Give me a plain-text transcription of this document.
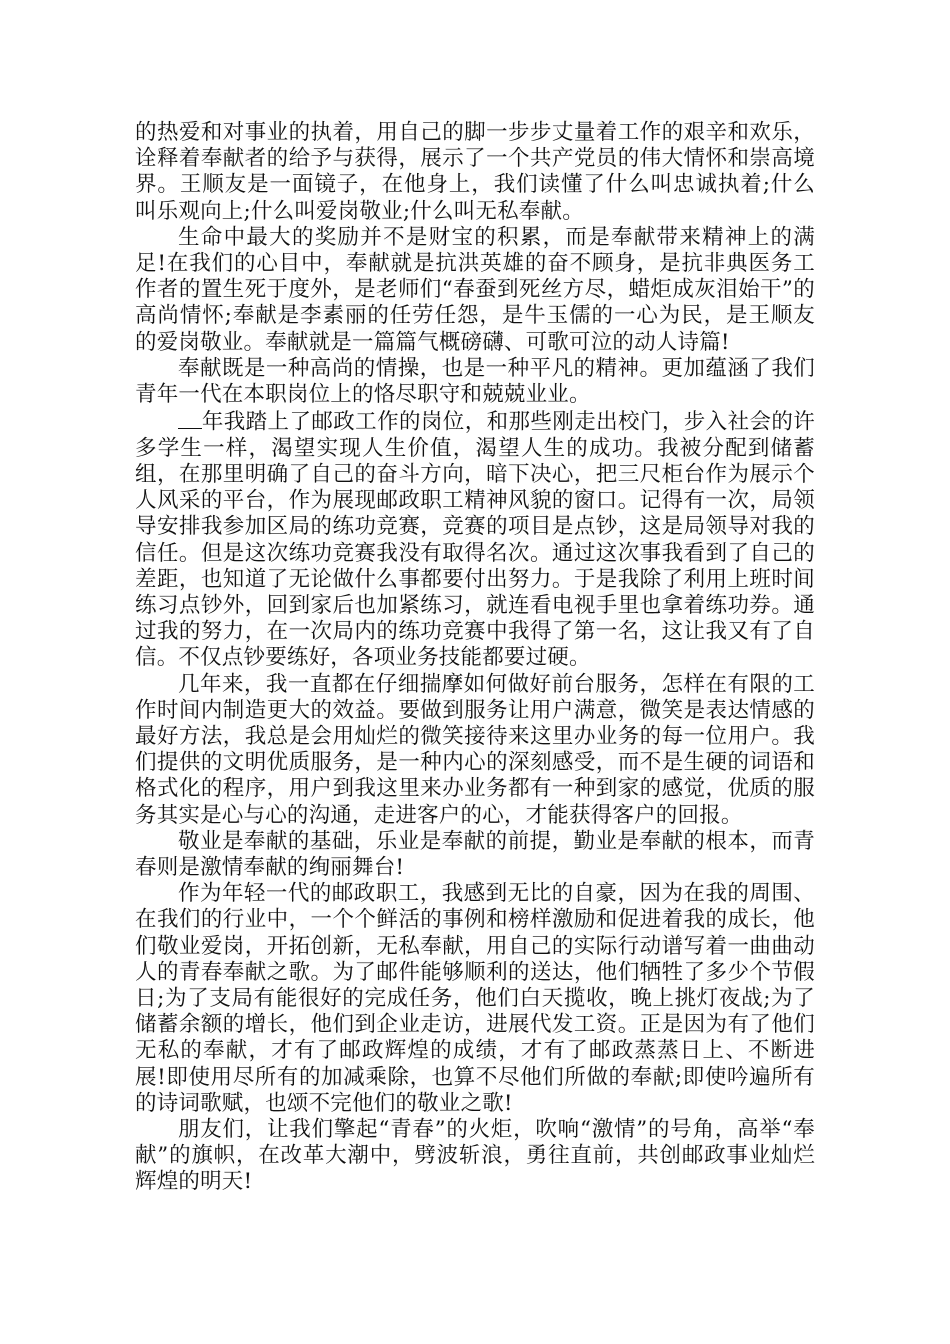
的热爱和对事业的执着，用自己的脚一步步丈量着工作的艰辛和欢乐，诠释着奉献者的给予与获得，展示了一个共产党员的伟大情怀和崇高境界。王顺友是一面镜子，在他身上，我们读懂了什么叫忠诚执着;什么叫乐观向上;什么叫爱岗敬业;什么叫无私奉献。

生命中最大的奖励并不是财宝的积累，而是奉献带来精神上的满足!在我们的心目中，奉献就是抗洪英雄的奋不顾身，是抗非典医务工作者的置生死于度外，是老师们“春蚕到死丝方尽，蜡炬成灰泪始干”的高尚情怀;奉献是李素丽的任劳任怨，是牛玉儒的一心为民，是王顺友的爱岗敬业。奉献就是一篇篇气概磅礴、可歌可泣的动人诗篇!

奉献既是一种高尚的情操，也是一种平凡的精神。更加蕴涵了我们青年一代在本职岗位上的恪尽职守和兢兢业业。

年我踏上了邮政工作的岗位，和那些刚走出校门，步入社会的许多学生一样，渴望实现人生价值，渴望人生的成功。我被分配到储蓄组，在那里明确了自己的奋斗方向，暗下决心，把三尺柜台作为展示个人风采的平台，作为展现邮政职工精神风貌的窗口。记得有一次，局领导安排我参加区局的练功竞赛，竞赛的项目是点钞，这是局领导对我的信任。但是这次练功竞赛我没有取得名次。通过这次事我看到了自己的差距，也知道了无论做什么事都要付出努力。于是我除了利用上班时间练习点钞外，回到家后也加紧练习，就连看电视手里也拿着练功券。通过我的努力，在一次局内的练功竞赛中我得了第一名，这让我又有了自信。不仅点钞要练好，各项业务技能都要过硬。

几年来，我一直都在仔细揣摩如何做好前台服务，怎样在有限的工作时间内制造更大的效益。要做到服务让用户满意，微笑是表达情感的最好方法，我总是会用灿烂的微笑接待来这里办业务的每一位用户。我们提供的文明优质服务，是一种内心的深刻感受，而不是生硬的词语和格式化的程序，用户到我这里来办业务都有一种到家的感觉，优质的服务其实是心与心的沟通，走进客户的心，才能获得客户的回报。

敬业是奉献的基础，乐业是奉献的前提，勤业是奉献的根本，而青春则是激情奉献的绚丽舞台!

作为年轻一代的邮政职工，我感到无比的自豪，因为在我的周围、在我们的行业中，一个个鲜活的事例和榜样激励和促进着我的成长，他们敬业爱岗，开拓创新，无私奉献，用自己的实际行动谱写着一曲曲动人的青春奉献之歌。为了邮件能够顺利的送达，他们牺牲了多少个节假日;为了支局有能很好的完成任务，他们白天揽收，晚上挑灯夜战;为了储蓄余额的增长，他们到企业走访，进展代发工资。正是因为有了他们无私的奉献，才有了邮政辉煌的成绩，才有了邮政蒸蒸日上、不断进展!即使用尽所有的加减乘除，也算不尽他们所做的奉献;即使吟遍所有的诗词歌赋，也颂不完他们的敬业之歌!

朋友们，让我们擎起“青春”的火炬，吹响“激情”的号角，高举“奉献”的旗帜，在改革大潮中，劈波斩浪，勇往直前，共创邮政事业灿烂辉煌的明天!
